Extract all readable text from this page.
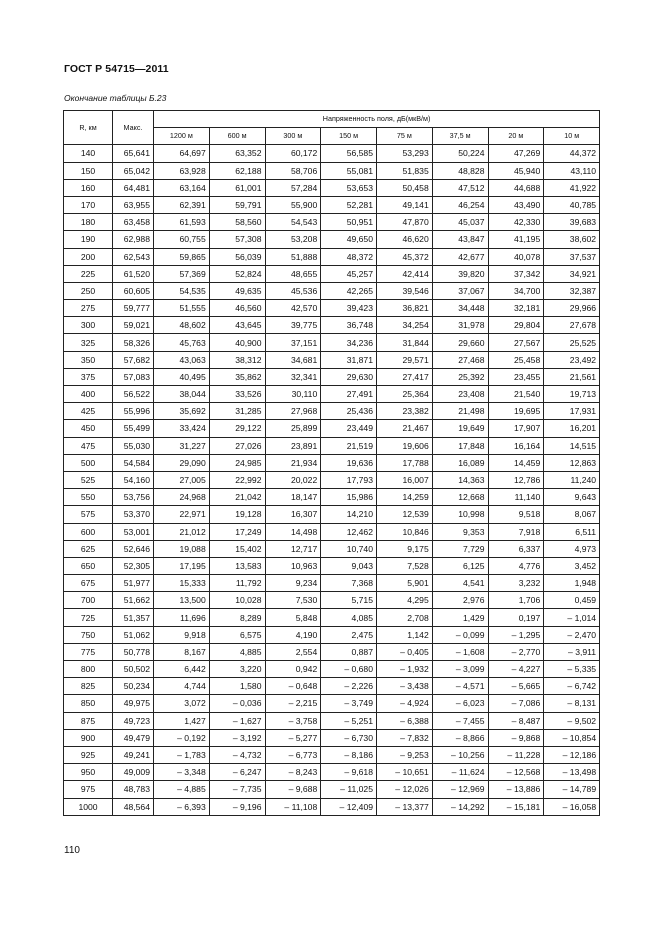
ГОСТ Р 54715—2011
Окончание таблицы Б.23
R, км	Макс.	Напряженность поля, дБ(мкВ/м)							
		1200 м	600 м	300 м	150 м	75 м	37,5 м	20 м	10 м
140	65,641	64,697	63,352	60,172	56,585	53,293	50,224	47,269	44,372
150	65,042	63,928	62,188	58,706	55,081	51,835	48,828	45,940	43,110
160	64,481	63,164	61,001	57,284	53,653	50,458	47,512	44,688	41,922
170	63,955	62,391	59,791	55,900	52,281	49,141	46,254	43,490	40,785
180	63,458	61,593	58,560	54,543	50,951	47,870	45,037	42,330	39,683
190	62,988	60,755	57,308	53,208	49,650	46,620	43,847	41,195	38,602
200	62,543	59,865	56,039	51,888	48,372	45,372	42,677	40,078	37,537
225	61,520	57,369	52,824	48,655	45,257	42,414	39,820	37,342	34,921
250	60,605	54,535	49,635	45,536	42,265	39,546	37,067	34,700	32,387
275	59,777	51,555	46,560	42,570	39,423	36,821	34,448	32,181	29,966
300	59,021	48,602	43,645	39,775	36,748	34,254	31,978	29,804	27,678
325	58,326	45,763	40,900	37,151	34,236	31,844	29,660	27,567	25,525
350	57,682	43,063	38,312	34,681	31,871	29,571	27,468	25,458	23,492
375	57,083	40,495	35,862	32,341	29,630	27,417	25,392	23,455	21,561
400	56,522	38,044	33,526	30,110	27,491	25,364	23,408	21,540	19,713
425	55,996	35,692	31,285	27,968	25,436	23,382	21,498	19,695	17,931
450	55,499	33,424	29,122	25,899	23,449	21,467	19,649	17,907	16,201
475	55,030	31,227	27,026	23,891	21,519	19,606	17,848	16,164	14,515
500	54,584	29,090	24,985	21,934	19,636	17,788	16,089	14,459	12,863
525	54,160	27,005	22,992	20,022	17,793	16,007	14,363	12,786	11,240
550	53,756	24,968	21,042	18,147	15,986	14,259	12,668	11,140	9,643
575	53,370	22,971	19,128	16,307	14,210	12,539	10,998	9,518	8,067
600	53,001	21,012	17,249	14,498	12,462	10,846	9,353	7,918	6,511
625	52,646	19,088	15,402	12,717	10,740	9,175	7,729	6,337	4,973
650	52,305	17,195	13,583	10,963	9,043	7,528	6,125	4,776	3,452
675	51,977	15,333	11,792	9,234	7,368	5,901	4,541	3,232	1,948
700	51,662	13,500	10,028	7,530	5,715	4,295	2,976	1,706	0,459
725	51,357	11,696	8,289	5,848	4,085	2,708	1,429	0,197	– 1,014
750	51,062	9,918	6,575	4,190	2,475	1,142	– 0,099	– 1,295	– 2,470
775	50,778	8,167	4,885	2,554	0,887	– 0,405	– 1,608	– 2,770	– 3,911
800	50,502	6,442	3,220	0,942	– 0,680	– 1,932	– 3,099	– 4,227	– 5,335
825	50,234	4,744	1,580	– 0,648	– 2,226	– 3,438	– 4,571	– 5,665	– 6,742
850	49,975	3,072	– 0,036	– 2,215	– 3,749	– 4,924	– 6,023	– 7,086	– 8,131
875	49,723	1,427	– 1,627	– 3,758	– 5,251	– 6,388	– 7,455	– 8,487	– 9,502
900	49,479	– 0,192	– 3,192	– 5,277	– 6,730	– 7,832	– 8,866	– 9,868	– 10,854
925	49,241	– 1,783	– 4,732	– 6,773	– 8,186	– 9,253	– 10,256	– 11,228	– 12,186
950	49,009	– 3,348	– 6,247	– 8,243	– 9,618	– 10,651	– 11,624	– 12,568	– 13,498
975	48,783	– 4,885	– 7,735	– 9,688	– 11,025	– 12,026	– 12,969	– 13,886	– 14,789
1000	48,564	– 6,393	– 9,196	– 11,108	– 12,409	– 13,377	– 14,292	– 15,181	– 16,058
110
